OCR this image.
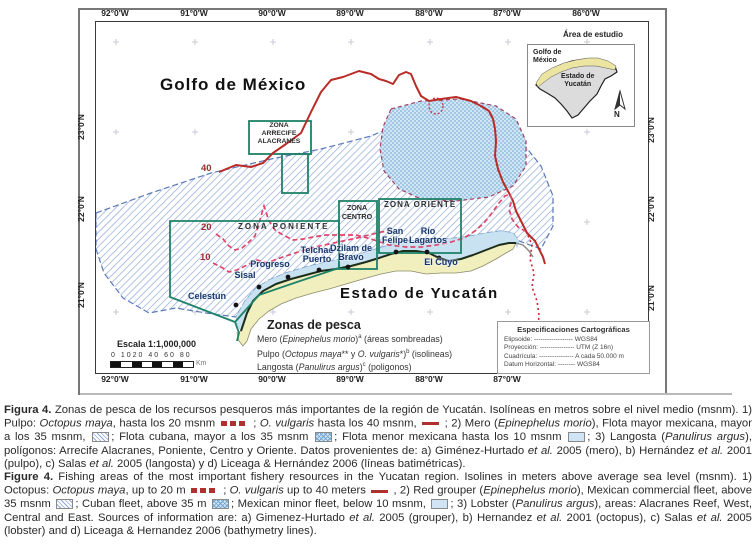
92°0'W	91°0'W	90°0'W	89°0'W	88°0'W	87°0'W	86°0'W
92°0'W	91°0'W	90°0'W	89°0'W	88°0'W	87°0'W
23°0'N
22°0'N
21°0'N
23°0'N
22°0'N
21°0'N
Golfo de México
Estado de Yucatán
40
20
10
ZONA
ARRECIFE
ALACRANES
ZONA PONIENTE
ZONA
CENTRO
ZONA ORIENTE
Celestún
Sisal
Progreso
Telchac Puerto
Dzilam de Bravo
San Felipe
Río Lagartos
El Cuyo
Zonas de pesca
Mero (Epinephelus morio)$^a$ (áreas sombreadas)
Pulpo (Octopus maya** y O. vulgaris*)$^b$ (isolineas)
Langosta (Panulirus argus)$^c$ (poligonos)
Escala 1:1,000,000
0 1020 40 60 80
Km
Especificaciones Cartográficas
Elipsoide: ------------------ WGS84
Proyección: ---------------- UTM (Z 16n)
Cuadrícula: ---------------- A cada 50.000 m
Datum Horizontal: -------- WGS84
Área de estudio
Golfo de
México
Estado de
Yucatán
N

Figura 4. Zonas de pesca de los recursos pesqueros más importantes de la región de Yucatán. Isolíneas en metros sobre el nivel medio (msnm). 1) Pulpo: Octopus maya, hasta los 20 msnm	; O. vulgaris hasta los 40 msnm,  ; 2) Mero (Epinephelus morio), Flota mayor mexicana, mayor a los 35 msnm, ; Flota cubana, mayor a los 35 msnm ; Flota menor mexicana hasta los 10 msnm ; 3) Langosta (Panulirus argus), polígonos: Arrecife Alacranes, Poniente, Centro y Oriente. Datos provenientes de: a) Giménez-Hurtado et al. 2005 (mero), b) Hernández et al. 2001 (pulpo), c) Salas et al. 2005 (langosta) y d) Liceaga & Hernández 2006 (líneas batimétricas).

Figure 4. Fishing areas of the most important fishery resources in the Yucatan region. Isolines in meters above average sea level (msnm). 1) Octopus: Octopus maya, up to 20 m	; O. vulgaris up to 40 meters  , 2) Red grouper (Epinephelus morio), Mexican commercial fleet, above 35 msnm ; Cuban fleet, above 35 m ; Mexican minor fleet, below 10 msnm, ; 3) Lobster (Panulirus argus), areas: Alacranes Reef, West, Central and East. Sources of information are: a) Gimenez-Hurtado et al. 2005 (grouper), b) Hernandez et al. 2001 (octopus), c) Salas et al. 2005 (lobster) and d) Liceaga & Hernandez 2006 (bathymetry lines).
